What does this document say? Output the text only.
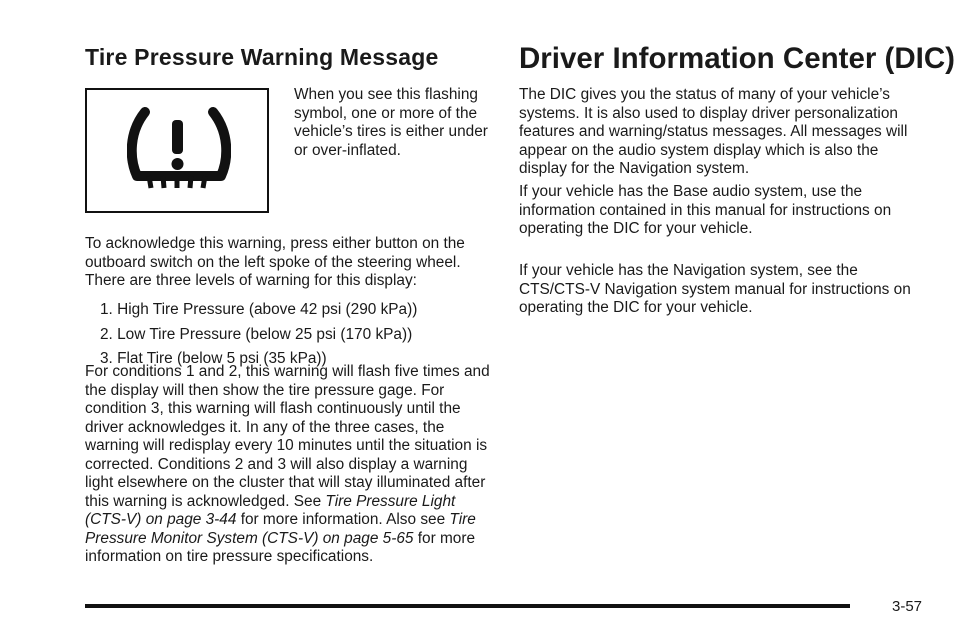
Tire Pressure Warning Message

When you see this flashing symbol, one or more of the vehicle’s tires is either under or over-inflated.

To acknowledge this warning, press either button on the outboard switch on the left spoke of the steering wheel. There are three levels of warning for this display:

1. High Tire Pressure (above 42 psi (290 kPa))
2. Low Tire Pressure (below 25 psi (170 kPa))
3. Flat Tire (below 5 psi (35 kPa))

For conditions 1 and 2, this warning will flash five times and the display will then show the tire pressure gage. For condition 3, this warning will flash continuously until the driver acknowledges it. In any of the three cases, the warning will redisplay every 10 minutes until the situation is corrected. Conditions 2 and 3 will also display a warning light elsewhere on the cluster that will stay illuminated after this warning is acknowledged. See Tire Pressure Light (CTS-V) on page 3-44 for more information. Also see Tire Pressure Monitor System (CTS-V) on page 5-65 for more information on tire pressure specifications.

Driver Information Center (DIC)

The DIC gives you the status of many of your vehicle’s systems. It is also used to display driver personalization features and warning/status messages. All messages will appear on the audio system display which is also the display for the Navigation system.

If your vehicle has the Base audio system, use the information contained in this manual for instructions on operating the DIC for your vehicle.

If your vehicle has the Navigation system, see the CTS/CTS-V Navigation system manual for instructions on operating the DIC for your vehicle.

3-57
